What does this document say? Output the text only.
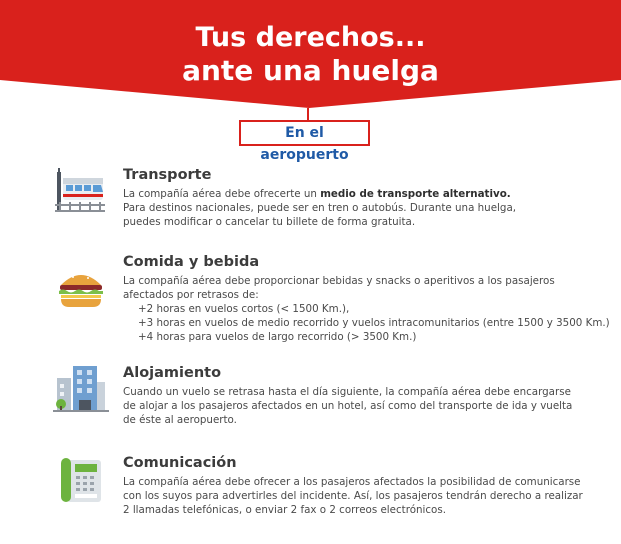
Tus derechos...
ante una huelga
En el aeropuerto
Transporte
La compañía aérea debe ofrecerte un medio de transporte alternativo.
Para destinos nacionales, puede ser en tren o autobús. Durante una huelga,
puedes modificar o cancelar tu billete de forma gratuita.
Comida y bebida
La compañía aérea debe proporcionar bebidas y snacks o aperitivos a los pasajeros
afectados por retrasos de:
+2 horas en vuelos cortos (< 1500 Km.),
+3 horas en vuelos de medio recorrido y vuelos intracomunitarios (entre 1500 y 3500 Km.)
+4 horas para vuelos de largo recorrido (> 3500 Km.)
Alojamiento
Cuando un vuelo se retrasa hasta el día siguiente, la compañía aérea debe encargarse
de alojar a los pasajeros afectados en un hotel, así como del transporte de ida y vuelta
de éste al aeropuerto.
Comunicación
La compañía aérea debe ofrecer a los pasajeros afectados la posibilidad de comunicarse
con los suyos para advertirles del incidente. Así, los pasajeros tendrán derecho a realizar
2 llamadas telefónicas, o enviar 2 fax o 2 correos electrónicos.
